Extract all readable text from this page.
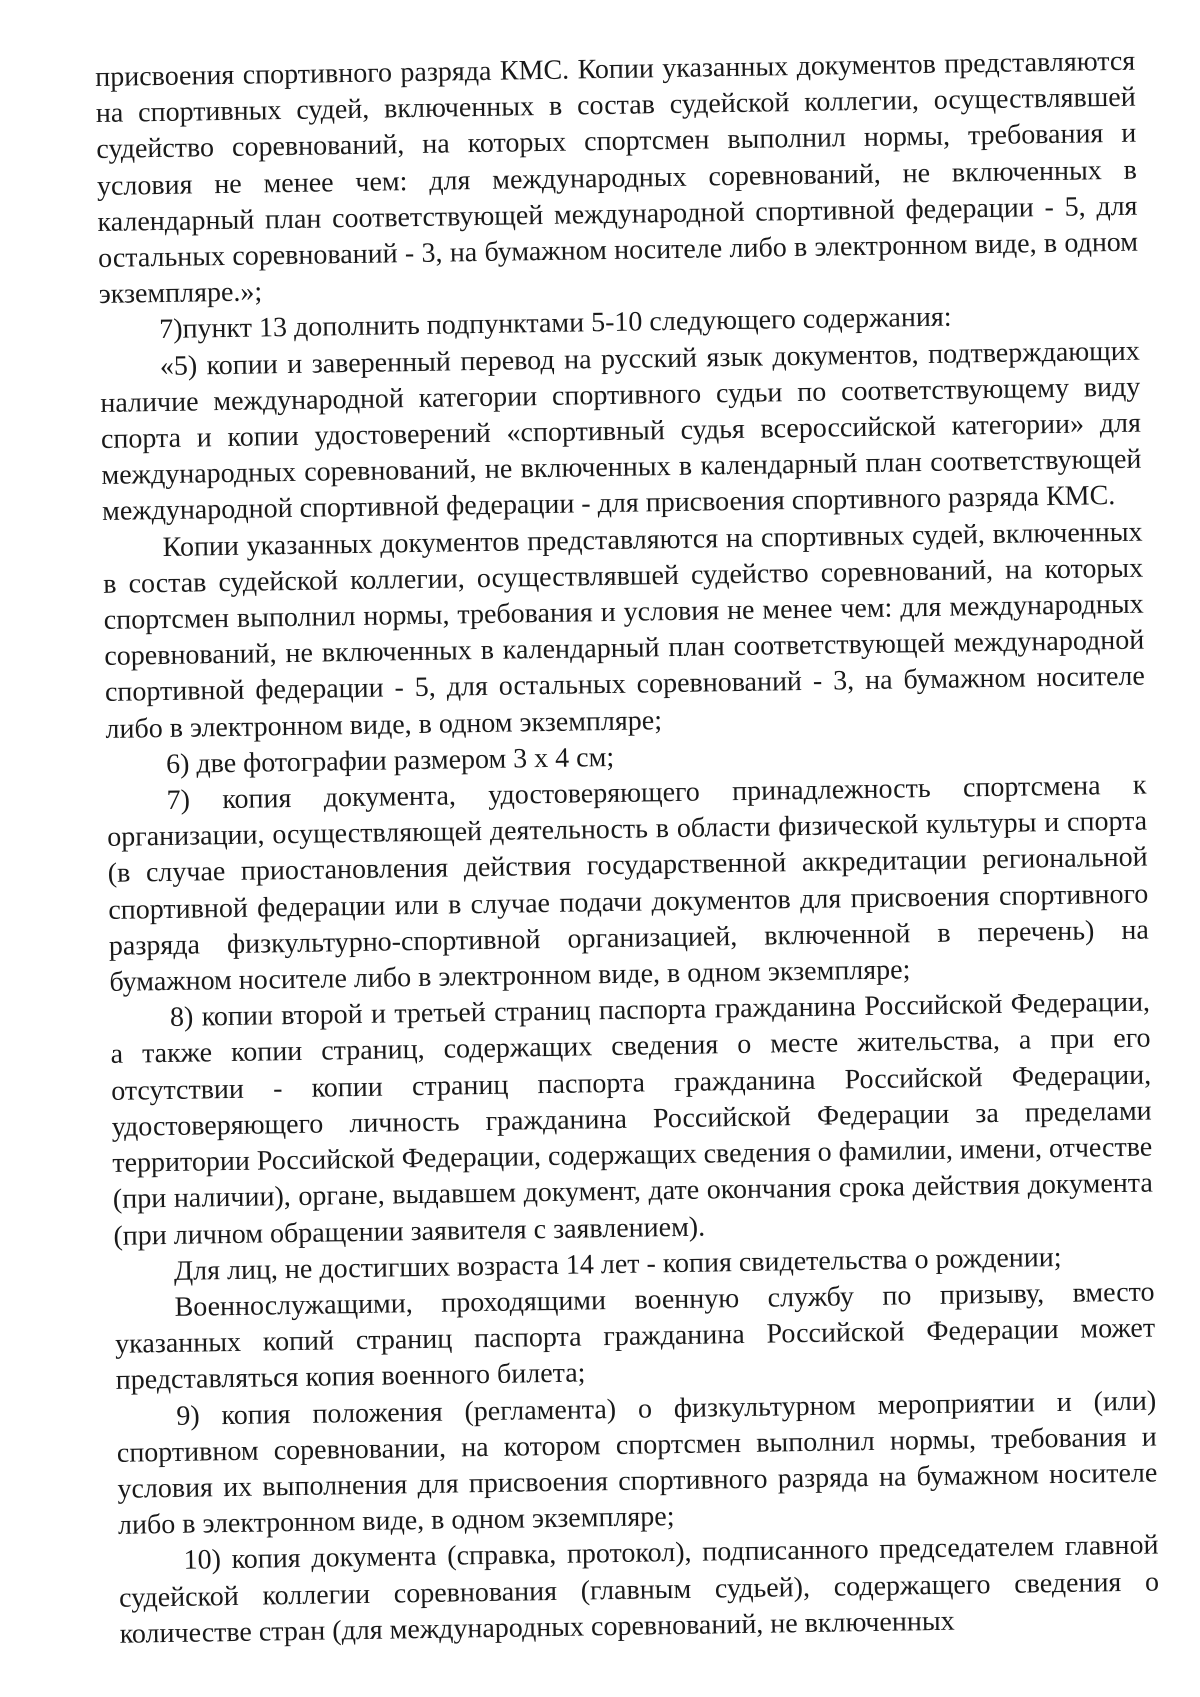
присвоения спортивного разряда КМС. Копии указанных документов представляются на спортивных судей, включенных в состав судейской коллегии, осуществлявшей судейство соревнований, на которых спортсмен выполнил нормы, требования и условия не менее чем: для международных соревнований, не включенных в календарный план соответствующей международной спортивной федерации - 5, для остальных соревнований - 3, на бумажном носителе либо в электронном виде, в одном экземпляре.»;

7)пункт 13 дополнить подпунктами 5-10 следующего содержания:

«5) копии и заверенный перевод на русский язык документов, подтверждающих наличие международной категории спортивного судьи по соответствующему виду спорта и копии удостоверений «спортивный судья всероссийской категории» для международных соревнований, не включенных в календарный план соответствующей международной спортивной федерации - для присвоения спортивного разряда КМС.

Копии указанных документов представляются на спортивных судей, включенных в состав судейской коллегии, осуществлявшей судейство соревнований, на которых спортсмен выполнил нормы, требования и условия не менее чем: для международных соревнований, не включенных в календарный план соответствующей международной спортивной федерации - 5, для остальных соревнований - 3, на бумажном носителе либо в электронном виде, в одном экземпляре;

6) две фотографии размером 3 х 4 см;

7) копия документа, удостоверяющего принадлежность спортсмена к организации, осуществляющей деятельность в области физической культуры и спорта (в случае приостановления действия государственной аккредитации региональной спортивной федерации или в случае подачи документов для присвоения спортивного разряда физкультурно-спортивной организацией, включенной в перечень) на бумажном носителе либо в электронном виде, в одном экземпляре;

8) копии второй и третьей страниц паспорта гражданина Российской Федерации, а также копии страниц, содержащих сведения о месте жительства, а при его отсутствии - копии страниц паспорта гражданина Российской Федерации, удостоверяющего личность гражданина Российской Федерации за пределами территории Российской Федерации, содержащих сведения о фамилии, имени, отчестве (при наличии), органе, выдавшем документ, дате окончания срока действия документа (при личном обращении заявителя с заявлением).

Для лиц, не достигших возраста 14 лет - копия свидетельства о рождении;

Военнослужащими, проходящими военную службу по призыву, вместо указанных копий страниц паспорта гражданина Российской Федерации может представляться копия военного билета;

9) копия положения (регламента) о физкультурном мероприятии и (или) спортивном соревновании, на котором спортсмен выполнил нормы, требования и условия их выполнения для присвоения спортивного разряда на бумажном носителе либо в электронном виде, в одном экземпляре;

10) копия документа (справка, протокол), подписанного председателем главной судейской коллегии соревнования (главным судьей), содержащего сведения о количестве стран (для международных соревнований, не включенных
